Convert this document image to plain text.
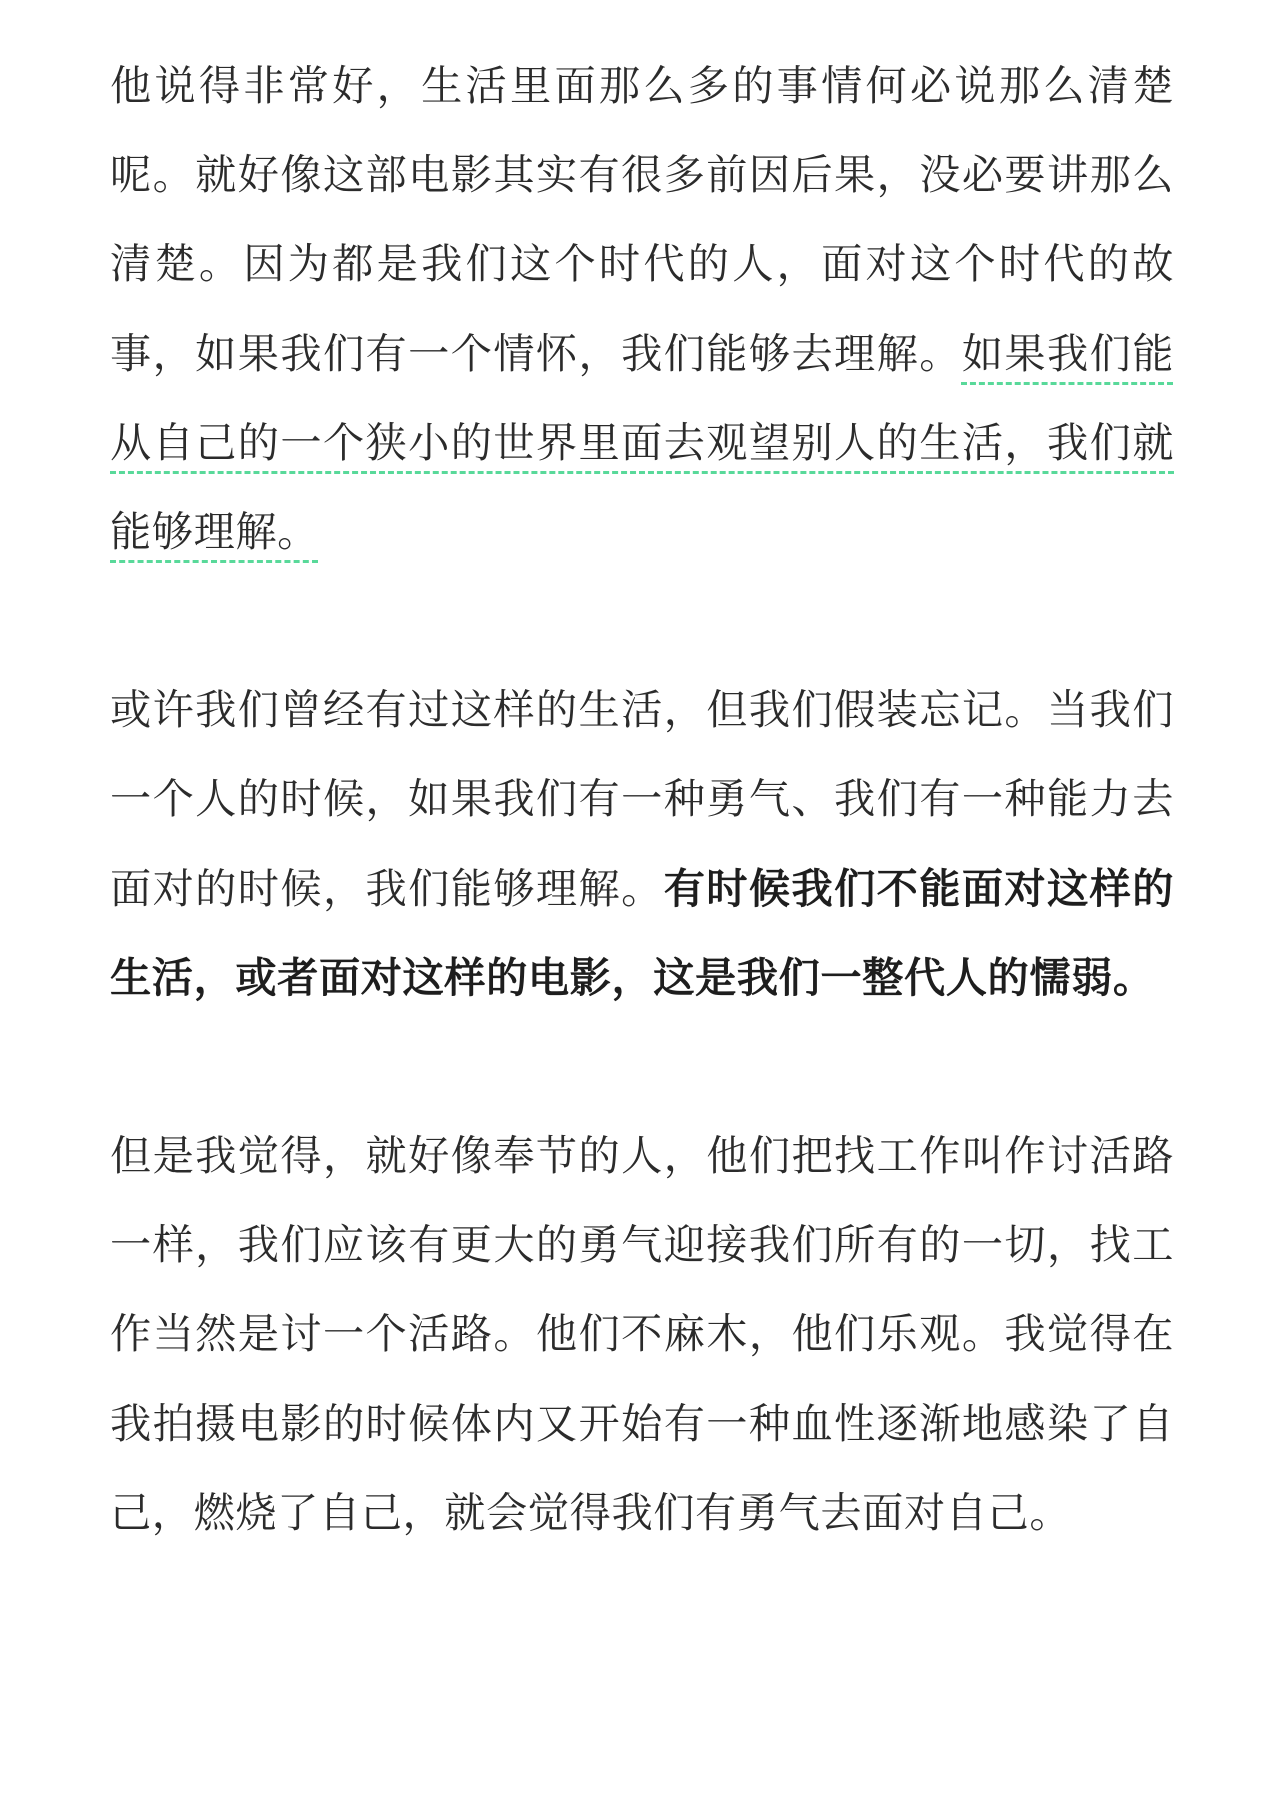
他说得非常好，生活里面那么多的事情何必说那么清楚呢。就好像这部电影其实有很多前因后果，没必要讲那么清楚。因为都是我们这个时代的人，面对这个时代的故事，如果我们有一个情怀，我们能够去理解。如果我们能从自己的一个狭小的世界里面去观望别人的生活，我们就能够理解。

或许我们曾经有过这样的生活，但我们假装忘记。当我们一个人的时候，如果我们有一种勇气、我们有一种能力去面对的时候，我们能够理解。有时候我们不能面对这样的生活，或者面对这样的电影，这是我们一整代人的懦弱。

但是我觉得，就好像奉节的人，他们把找工作叫作讨活路一样，我们应该有更大的勇气迎接我们所有的一切，找工作当然是讨一个活路。他们不麻木，他们乐观。我觉得在我拍摄电影的时候体内又开始有一种血性逐渐地感染了自己，燃烧了自己，就会觉得我们有勇气去面对自己。
